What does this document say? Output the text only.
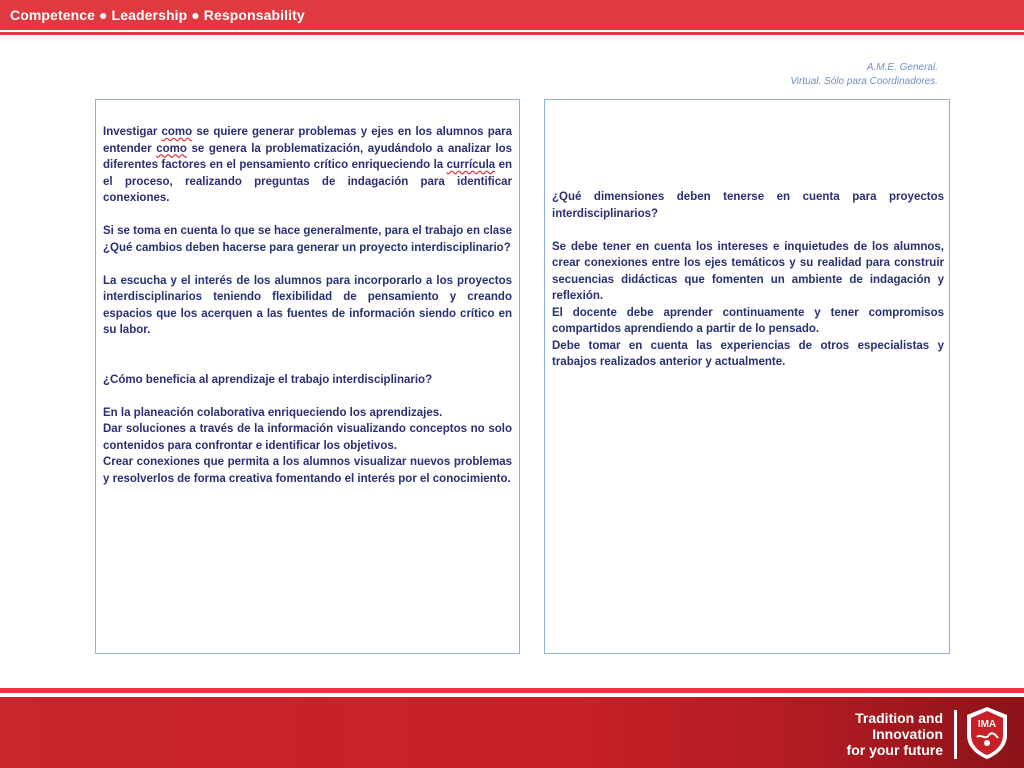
Competence ● Leadership ● Responsability
A.M.E. General.
Virtual. Sólo para Coordinadores.

Investigar como se quiere generar problemas y ejes en los alumnos para entender como se genera la problematización, ayudándolo a analizar los diferentes factores en el pensamiento crítico enriqueciendo la currícula en el proceso, realizando preguntas de indagación para identificar conexiones.

Si se toma en cuenta lo que se hace generalmente, para el trabajo en clase ¿Qué cambios deben hacerse para generar un proyecto interdisciplinario?

La escucha y el interés de los alumnos para incorporarlo a los proyectos interdisciplinarios teniendo flexibilidad de pensamiento y creando espacios que los acerquen a las fuentes de información siendo crítico en su labor.

¿Cómo beneficia al aprendizaje el trabajo interdisciplinario?

En la planeación colaborativa enriqueciendo los aprendizajes.

Dar soluciones a través de la información visualizando conceptos no solo contenidos para confrontar e identificar los objetivos.

Crear conexiones que permita a los alumnos visualizar nuevos problemas y resolverlos de forma creativa fomentando el interés por el conocimiento.

¿Qué dimensiones deben tenerse en cuenta para proyectos interdisciplinarios?

Se debe tener en cuenta los intereses e inquietudes de los alumnos, crear conexiones entre los ejes temáticos y su realidad para construir secuencias didácticas que fomenten un ambiente de indagación y reflexión.

El docente debe aprender continuamente y tener compromisos compartidos aprendiendo a partir de lo pensado.

Debe tomar en cuenta las experiencias de otros especialistas y trabajos realizados anterior y actualmente.

Tradition and
Innovation
for your future
IMA
